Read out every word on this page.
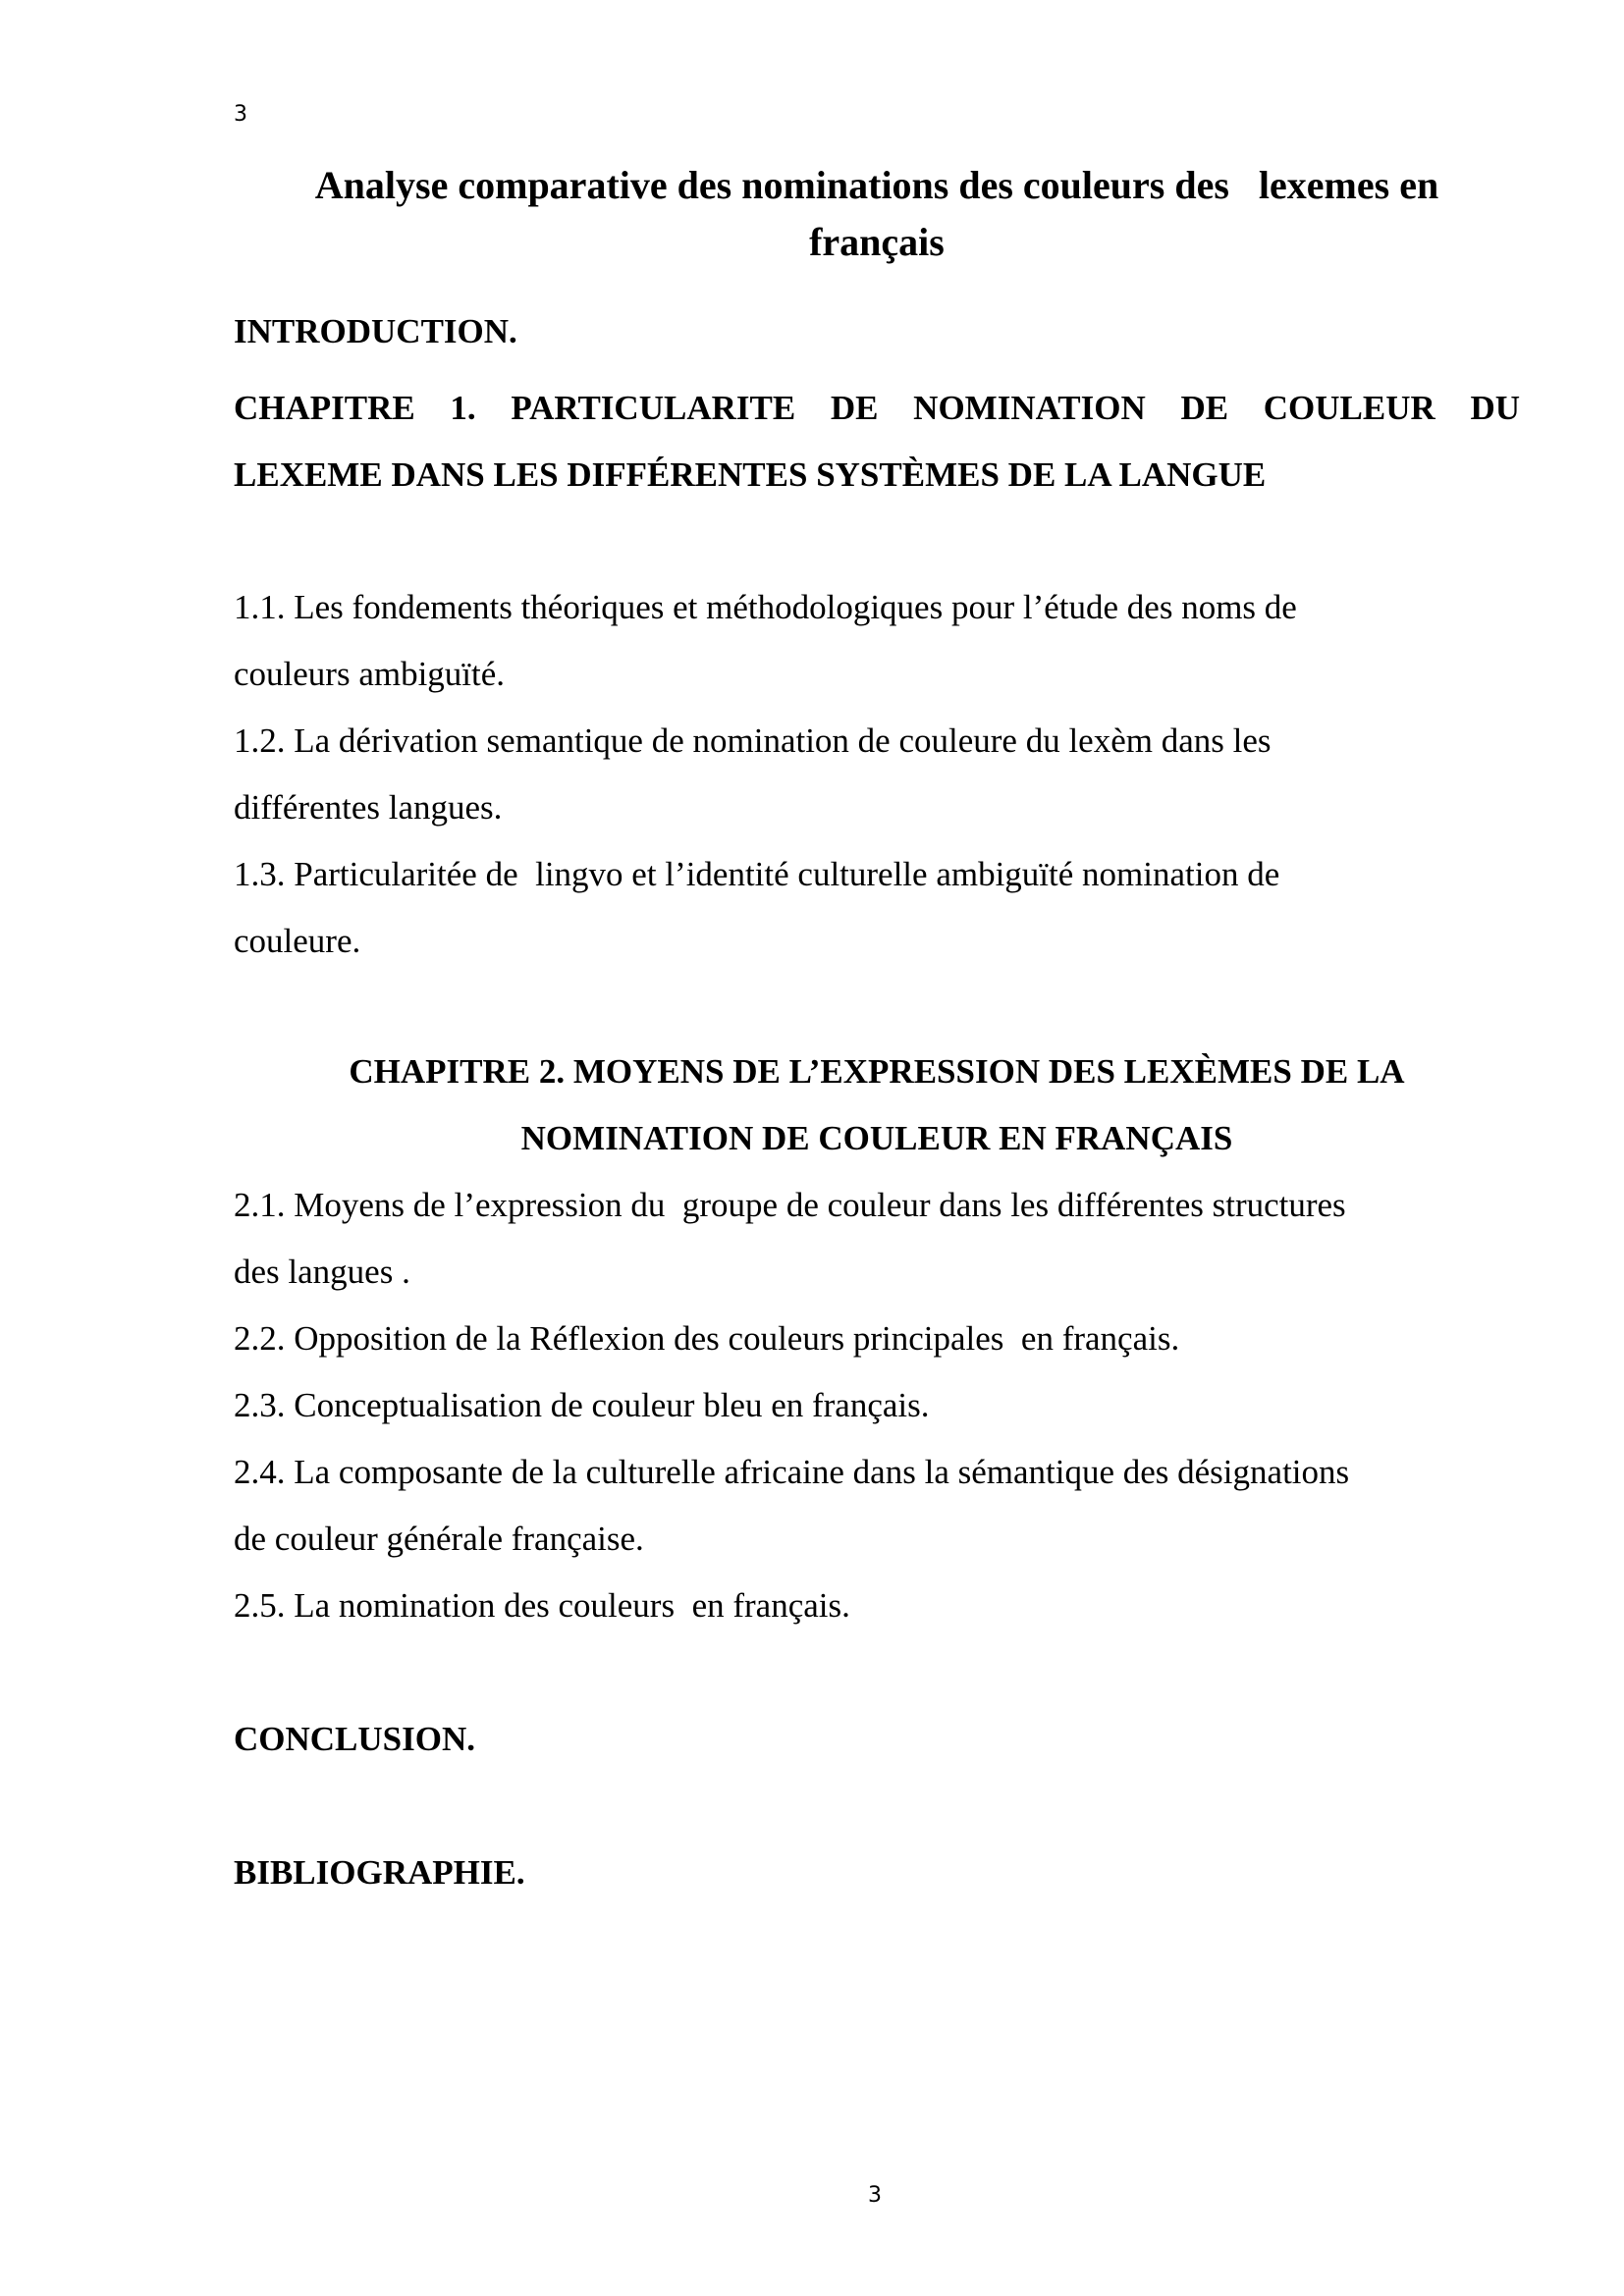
3
Analyse comparative des nominations des couleurs des   lexemes en
français
INTRODUCTION.
CHAPITRE 1. PARTICULARITE DE NOMINATION DE COULEUR DU
LEXEME DANS LES DIFFÉRENTES SYSTÈMES DE LA LANGUE
1.1. Les fondements théoriques et méthodologiques pour l’étude des noms de
couleurs ambiguïté.
1.2. La dérivation semantique de nomination de couleure du lexèm dans les
différentes langues.
1.3. Particularitée de  lingvo et l’identité culturelle ambiguïté nomination de
couleure.
CHAPITRE 2. MOYENS DE L’EXPRESSION DES LEXÈMES DE LA
NOMINATION DE COULEUR EN FRANÇAIS
2.1. Moyens de l’expression du  groupe de couleur dans les différentes structures
des langues .
2.2. Opposition de la Réflexion des couleurs principales  en français.
2.3. Conceptualisation de couleur bleu en français.
2.4. La composante de la culturelle africaine dans la sémantique des désignations
de couleur générale française.
2.5. La nomination des couleurs  en français.
CONCLUSION.
BIBLIOGRAPHIE.
3
